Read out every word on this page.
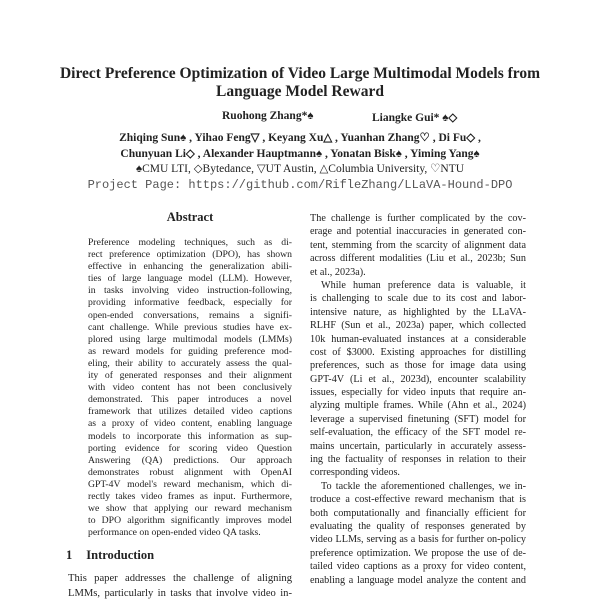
Direct Preference Optimization of Video Large Multimodal Models from
Language Model Reward
Ruohong Zhang*♠	Liangke Gui* ♠◇
Zhiqing Sun♠ , Yihao Feng▽ , Keyang Xu△ , Yuanhan Zhang♡ , Di Fu◇ ,
Chunyuan Li◇ , Alexander Hauptmann♠ , Yonatan Bisk♠ , Yiming Yang♠
♠CMU LTI, ◇Bytedance, ▽UT Austin, △Columbia University, ♡NTU
Project Page: https://github.com/RifleZhang/LLaVA-Hound-DPO
Abstract
Preference modeling techniques, such as di-
rect preference optimization (DPO), has shown
effective in enhancing the generalization abili-
ties of large language model (LLM). However,
in tasks involving video instruction-following,
providing informative feedback, especially for
open-ended conversations, remains a signifi-
cant challenge. While previous studies have ex-
plored using large multimodal models (LMMs)
as reward models for guiding preference mod-
eling, their ability to accurately assess the qual-
ity of generated responses and their alignment
with video content has not been conclusively
demonstrated. This paper introduces a novel
framework that utilizes detailed video captions
as a proxy of video content, enabling language
models to incorporate this information as sup-
porting evidence for scoring video Question
Answering (QA) predictions. Our approach
demonstrates robust alignment with OpenAI
GPT-4V model's reward mechanism, which di-
rectly takes video frames as input. Furthermore,
we show that applying our reward mechanism
to DPO algorithm significantly improves model
performance on open-ended video QA tasks.
1 Introduction
This paper addresses the challenge of aligning
LMMs, particularly in tasks that involve video in-
The challenge is further complicated by the cov-
erage and potential inaccuracies in generated con-
tent, stemming from the scarcity of alignment data
across different modalities (Liu et al., 2023b; Sun
et al., 2023a).
While human preference data is valuable, it
is challenging to scale due to its cost and labor-
intensive nature, as highlighted by the LLaVA-
RLHF (Sun et al., 2023a) paper, which collected
10k human-evaluated instances at a considerable
cost of $3000. Existing approaches for distilling
preferences, such as those for image data using
GPT-4V (Li et al., 2023d), encounter scalability
issues, especially for video inputs that require an-
alyzing multiple frames. While (Ahn et al., 2024)
leverage a supervised finetuning (SFT) model for
self-evaluation, the efficacy of the SFT model re-
mains uncertain, particularly in accurately assess-
ing the factuality of responses in relation to their
corresponding videos.
To tackle the aforementioned challenges, we in-
troduce a cost-effective reward mechanism that is
both computationally and financially efficient for
evaluating the quality of responses generated by
video LLMs, serving as a basis for further on-policy
preference optimization. We propose the use of de-
tailed video captions as a proxy for video content,
enabling a language model analyze the content and
